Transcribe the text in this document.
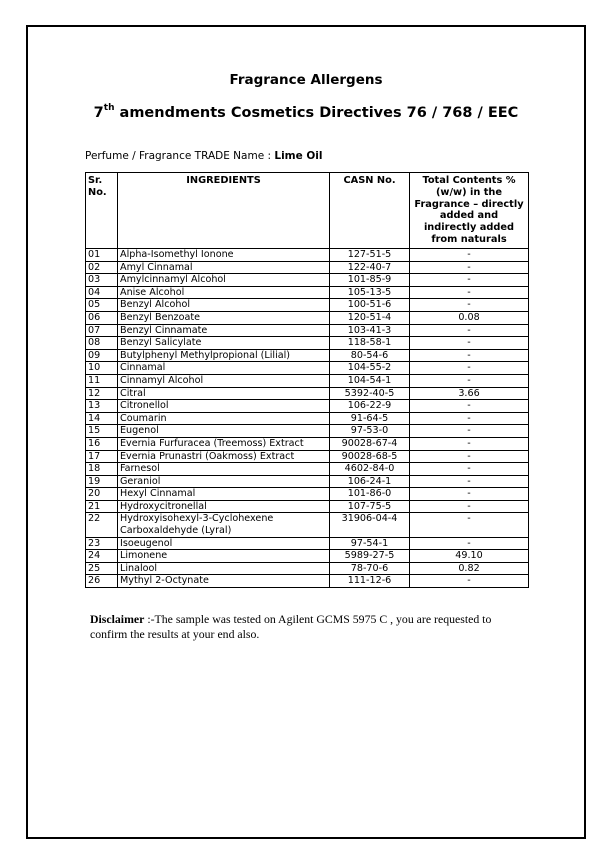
Fragrance Allergens
7th amendments Cosmetics Directives 76 / 768 / EEC
Perfume / Fragrance TRADE Name : Lime Oil
Sr. No.	INGREDIENTS	CASN No.	Total Contents % (w/w) in the Fragrance – directly added and indirectly added from naturals
01	Alpha-Isomethyl Ionone	127-51-5	-
02	Amyl Cinnamal	122-40-7	-
03	Amylcinnamyl Alcohol	101-85-9	-
04	Anise Alcohol	105-13-5	-
05	Benzyl Alcohol	100-51-6	-
06	Benzyl Benzoate	120-51-4	0.08
07	Benzyl Cinnamate	103-41-3	-
08	Benzyl Salicylate	118-58-1	-
09	Butylphenyl Methylpropional (Lilial)	80-54-6	-
10	Cinnamal	104-55-2	-
11	Cinnamyl Alcohol	104-54-1	-
12	Citral	5392-40-5	3.66
13	Citronellol	106-22-9	-
14	Coumarin	91-64-5	-
15	Eugenol	97-53-0	-
16	Evernia Furfuracea (Treemoss) Extract	90028-67-4	-
17	Evernia Prunastri (Oakmoss) Extract	90028-68-5	-
18	Farnesol	4602-84-0	-
19	Geraniol	106-24-1	-
20	Hexyl Cinnamal	101-86-0	-
21	Hydroxycitronellal	107-75-5	-
22	Hydroxyisohexyl-3-Cyclohexene Carboxaldehyde (Lyral)	31906-04-4	-
23	Isoeugenol	97-54-1	-
24	Limonene	5989-27-5	49.10
25	Linalool	78-70-6	0.82
26	Mythyl 2-Octynate	111-12-6	-
Disclaimer :-The sample was tested on Agilent GCMS 5975 C , you are requested to confirm the results at your end also.
